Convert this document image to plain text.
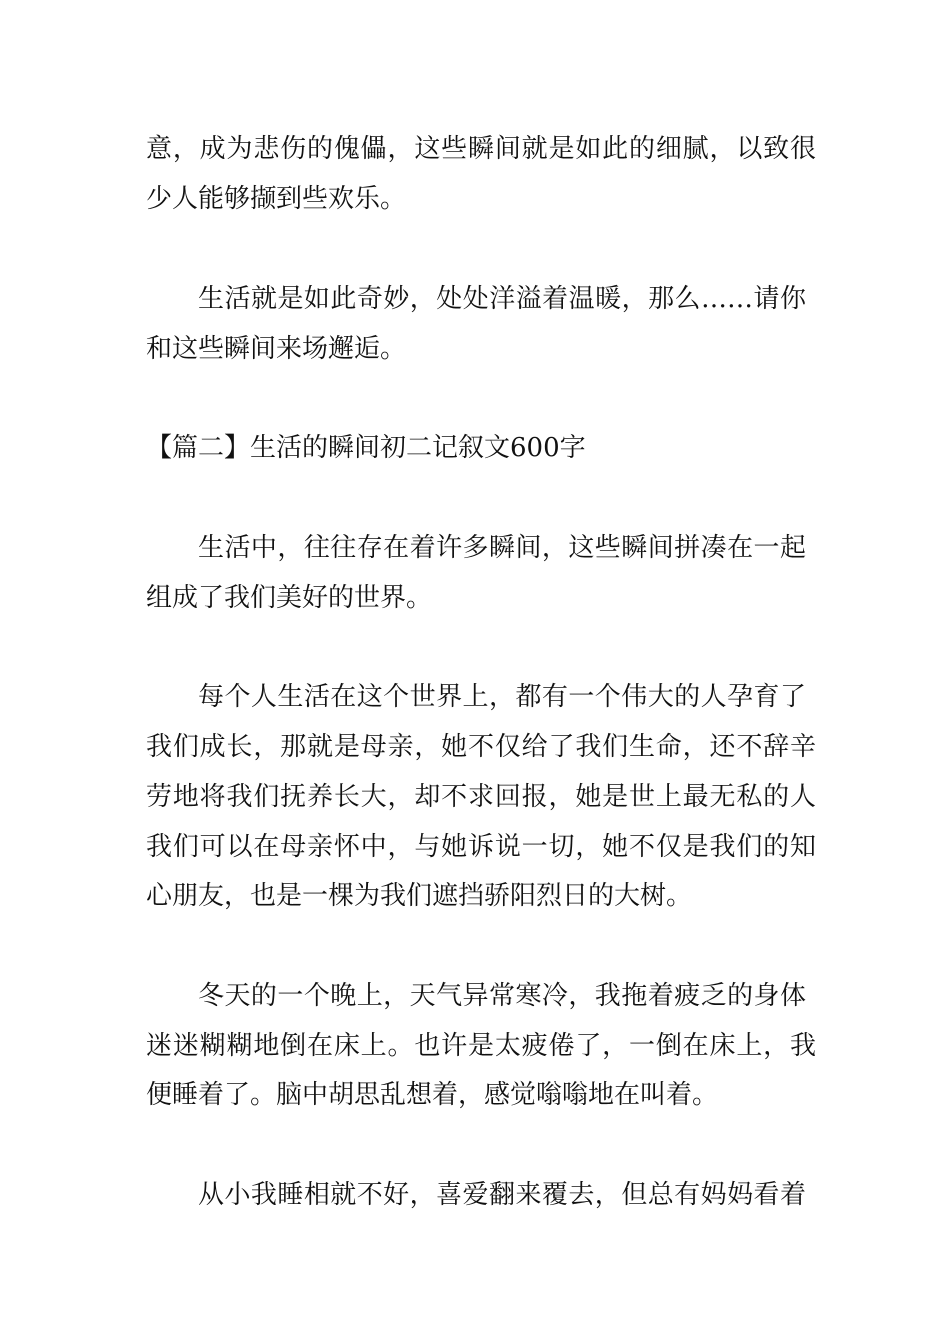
意，成为悲伤的傀儡，这些瞬间就是如此的细腻，以致很
少人能够撷到些欢乐。
生活就是如此奇妙，处处洋溢着温暖，那么……请你
和这些瞬间来场邂逅。
【篇二】生活的瞬间初二记叙文600字
生活中，往往存在着许多瞬间，这些瞬间拼凑在一起
组成了我们美好的世界。
每个人生活在这个世界上，都有一个伟大的人孕育了
我们成长，那就是母亲，她不仅给了我们生命，还不辞辛
劳地将我们抚养长大，却不求回报，她是世上最无私的人
我们可以在母亲怀中，与她诉说一切，她不仅是我们的知
心朋友，也是一棵为我们遮挡骄阳烈日的大树。
冬天的一个晚上，天气异常寒冷，我拖着疲乏的身体
迷迷糊糊地倒在床上。也许是太疲倦了，一倒在床上，我
便睡着了。脑中胡思乱想着，感觉嗡嗡地在叫着。
从小我睡相就不好，喜爱翻来覆去，但总有妈妈看着
